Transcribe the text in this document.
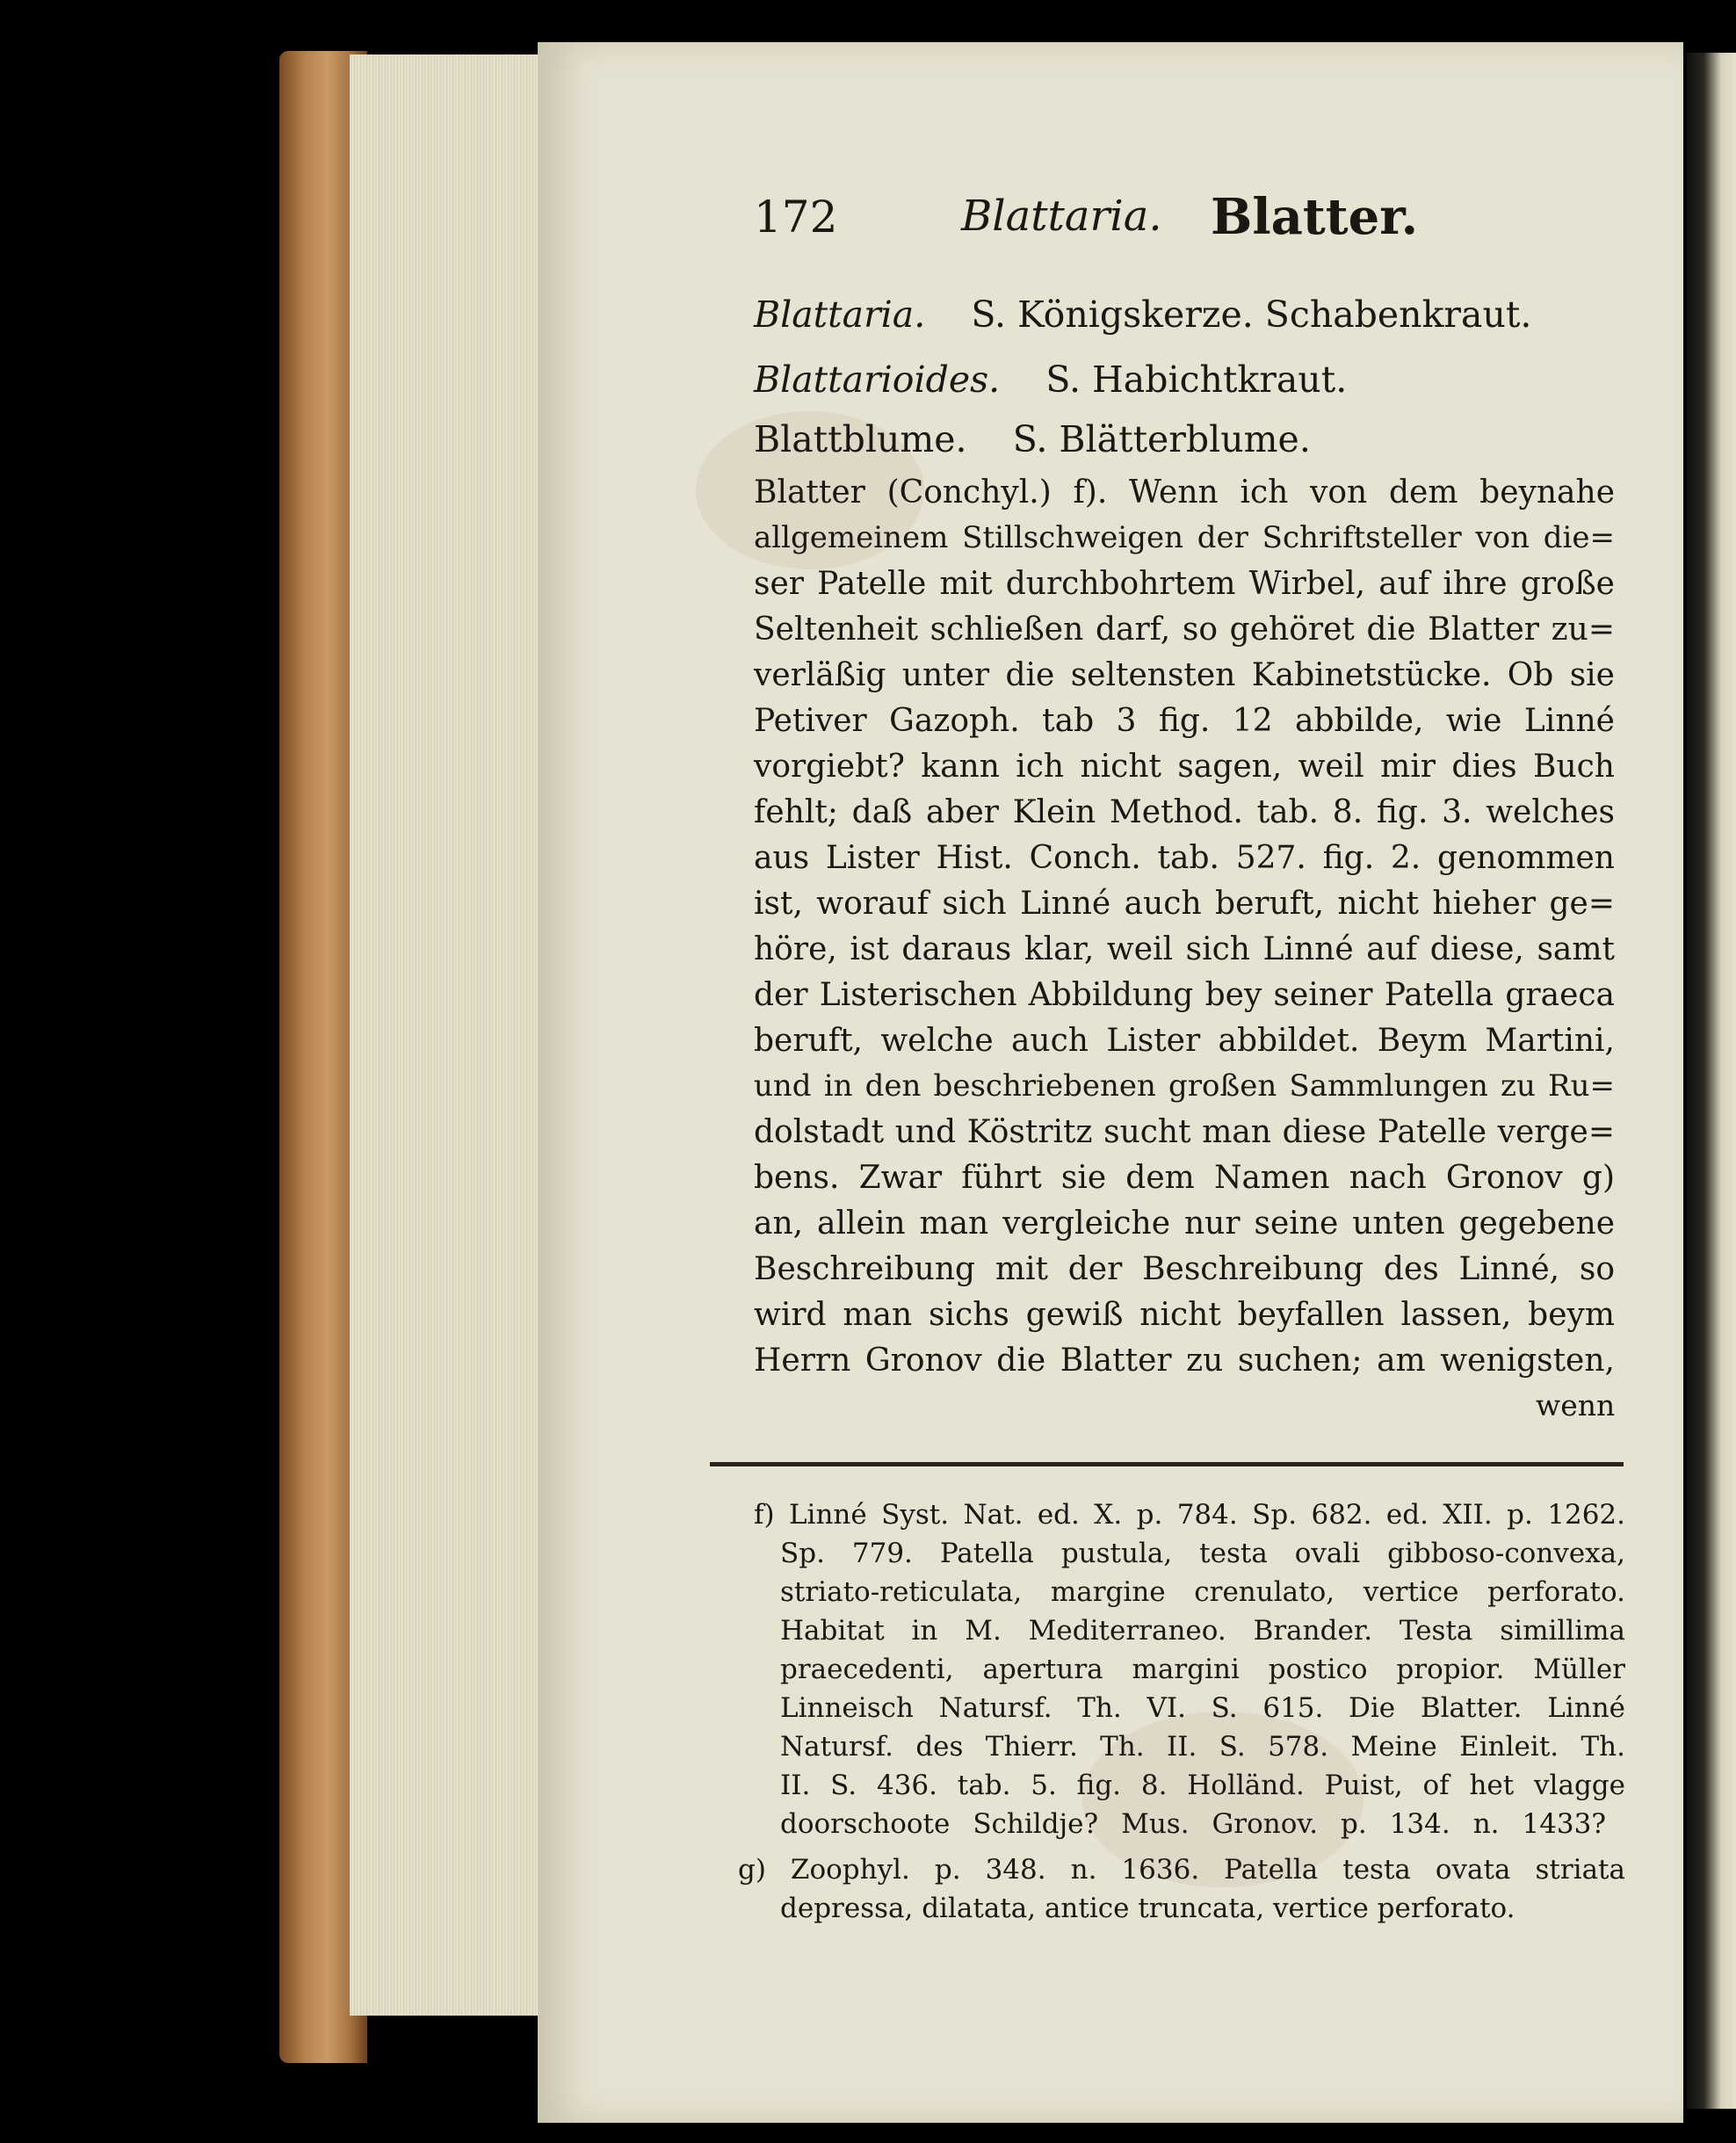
172	Blattaria. Blatter.
Blattaria. S. Königskerze. Schabenkraut.
Blattarioides. S. Habichtkraut.
Blattblume. S. Blätterblume.
Blatter (Conchyl.) f). Wenn ich von dem beynahe
allgemeinem Stillschweigen der Schriftsteller von die=
ser Patelle mit durchbohrtem Wirbel, auf ihre große
Seltenheit schließen darf, so gehöret die Blatter zu=
verläßig unter die seltensten Kabinetstücke. Ob sie
Petiver Gazoph. tab 3 fig. 12 abbilde, wie Linné
vorgiebt? kann ich nicht sagen, weil mir dies Buch
fehlt; daß aber Klein Method. tab. 8. fig. 3. welches
aus Lister Hist. Conch. tab. 527. fig. 2. genommen
ist, worauf sich Linné auch beruft, nicht hieher ge=
höre, ist daraus klar, weil sich Linné auf diese, samt
der Listerischen Abbildung bey seiner Patella graeca
beruft, welche auch Lister abbildet. Beym Martini,
und in den beschriebenen großen Sammlungen zu Ru=
dolstadt und Köstritz sucht man diese Patelle verge=
bens. Zwar führt sie dem Namen nach Gronov g)
an, allein man vergleiche nur seine unten gegebene
Beschreibung mit der Beschreibung des Linné, so
wird man sichs gewiß nicht beyfallen lassen, beym
Herrn Gronov die Blatter zu suchen; am wenigsten,
wenn
f) Linné Syst. Nat. ed. X. p. 784. Sp. 682. ed. XII. p. 1262.
Sp. 779. Patella pustula, testa ovali gibboso-convexa,
striato-reticulata, margine crenulato, vertice perforato.
Habitat in M. Mediterraneo. Brander. Testa simillima
praecedenti, apertura margini postico propior. Müller
Linneisch Natursf. Th. VI. S. 615. Die Blatter. Linné
Natursf. des Thierr. Th. II. S. 578. Meine Einleit. Th.
II. S. 436. tab. 5. fig. 8. Holländ. Puist, of het vlagge
doorschoote Schildje? Mus. Gronov. p. 134. n. 1433?
g) Zoophyl. p. 348. n. 1636. Patella testa ovata striata
depressa, dilatata, antice truncata, vertice perforato.
